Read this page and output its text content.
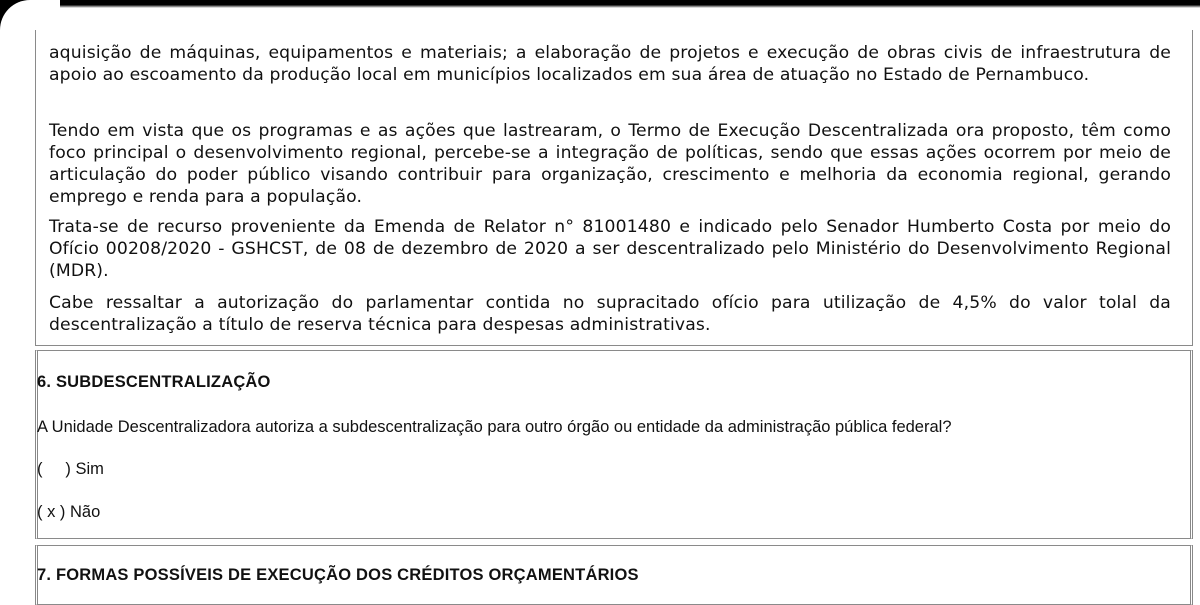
aquisição de máquinas, equipamentos e materiais; a elaboração de projetos e execução de obras civis de infraestrutura de apoio ao escoamento da produção local em municípios localizados em sua área de atuação no Estado de Pernambuco.

Tendo em vista que os programas e as ações que lastrearam, o Termo de Execução Descentralizada ora proposto, têm como foco principal o desenvolvimento regional, percebe-se a integração de políticas, sendo que essas ações ocorrem por meio de articulação do poder público visando contribuir para organização, crescimento e melhoria da economia regional, gerando emprego e renda para a população.

Trata-se de recurso proveniente da Emenda de Relator n° 81001480 e indicado pelo Senador Humberto Costa por meio do Ofício 00208/2020 - GSHCST, de 08 de dezembro de 2020 a ser descentralizado pelo Ministério do Desenvolvimento Regional (MDR).

Cabe ressaltar a autorização do parlamentar contida no supracitado ofício para utilização de 4,5% do valor tolal da descentralização a título de reserva técnica para despesas administrativas.

6. SUBDESCENTRALIZAÇÃO
A Unidade Descentralizadora autoriza a subdescentralização para outro órgão ou entidade da administração pública federal?
(     ) Sim
( x ) Não
7. FORMAS POSSÍVEIS DE EXECUÇÃO DOS CRÉDITOS ORÇAMENTÁRIOS
